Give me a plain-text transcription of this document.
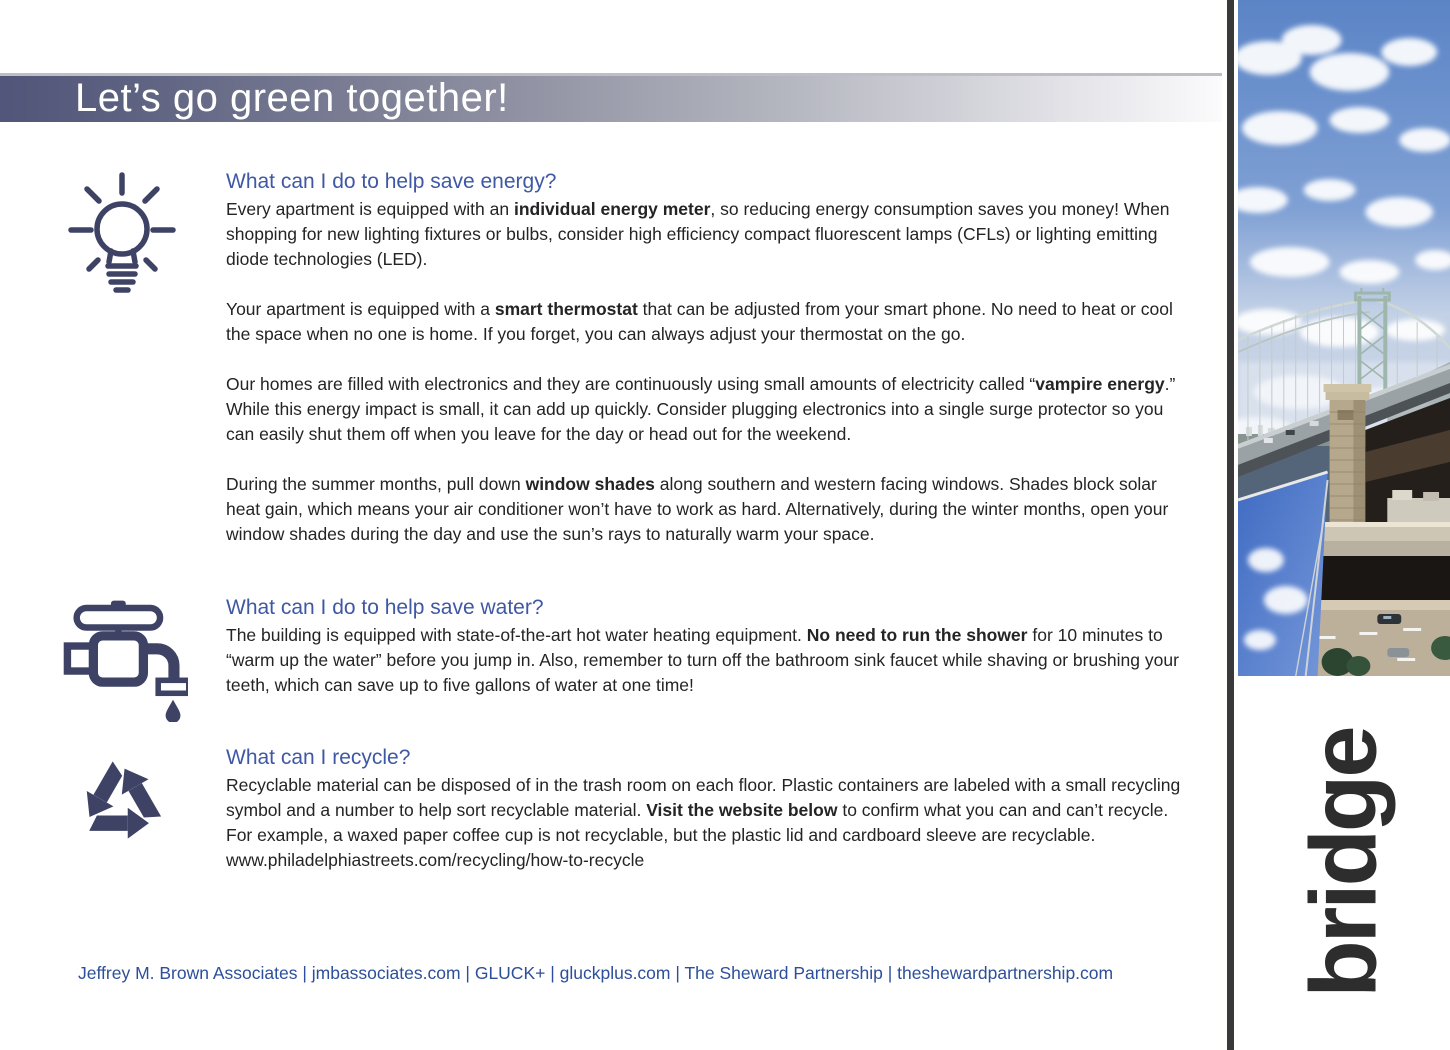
Let’s go green together!
What can I do to help save energy?

Every apartment is equipped with an individual energy meter, so reducing energy consumption saves you money! When shopping for new lighting fixtures or bulbs, consider high efficiency compact fluorescent lamps (CFLs) or lighting emitting diode technologies (LED).

Your apartment is equipped with a smart thermostat that can be adjusted from your smart phone. No need to heat or cool the space when no one is home. If you forget, you can always adjust your thermostat on the go.

Our homes are filled with electronics and they are continuously using small amounts of electricity called “vampire energy.” While this energy impact is small, it can add up quickly. Consider plugging electronics into a single surge protector so you can easily shut them off when you leave for the day or head out for the weekend.

During the summer months, pull down window shades along southern and western facing windows. Shades block solar heat gain, which means your air conditioner won’t have to work as hard. Alternatively, during the winter months, open your window shades during the day and use the sun’s rays to naturally warm your space.

What can I do to help save water?

The building is equipped with state-of-the-art hot water heating equipment. No need to run the shower for 10 minutes to “warm up the water” before you jump in. Also, remember to turn off the bathroom sink faucet while shaving or brushing your teeth, which can save up to five gallons of water at one time!

What can I recycle?

Recyclable material can be disposed of in the trash room on each floor. Plastic containers are labeled with a small recycling symbol and a number to help sort recyclable material. Visit the website below to confirm what you can and can’t recycle. For example, a waxed paper coffee cup is not recyclable, but the plastic lid and cardboard sleeve are recyclable. www.philadelphiastreets.com/recycling/how-to-recycle

Jeffrey M. Brown Associates | jmbassociates.com | GLUCK+ | gluckplus.com | The Sheward Partnership | theshewardpartnership.com	bridge
